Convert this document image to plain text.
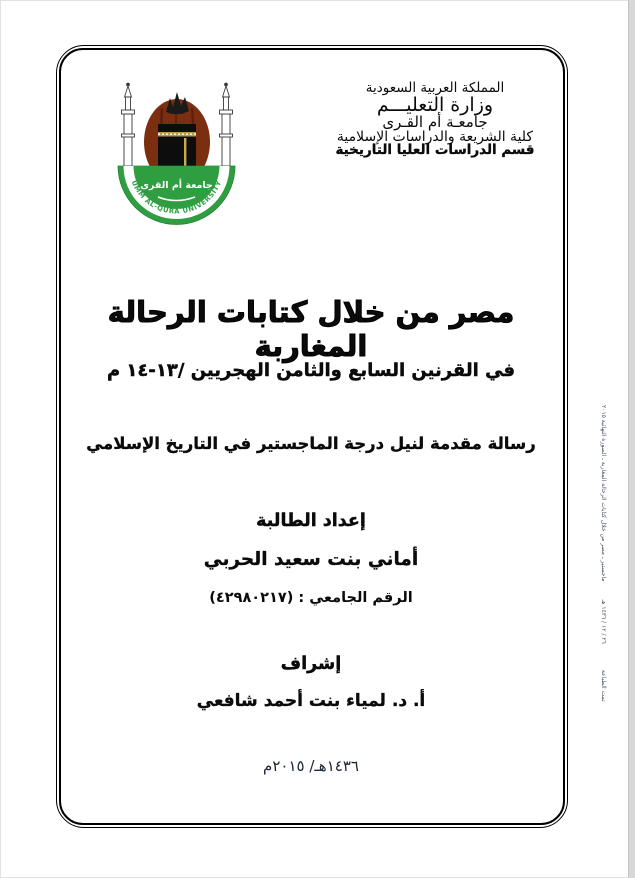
UMM AL-QURA UNIVERSITY
جامعة أم القرى
المملكة العربية السعودية
وزارة التعليـــم
جامعـة أم القـرى
كلية الشريعة والدراسات الإسلامية
قسم الدراسات العليا التاريخية
مصر من خلال كتابات الرحالة المغاربة
في القرنين السابع والثامن الهجريين /١٣-١٤ م
رسالة مقدمة لنيل درجة الماجستير في التاريخ الإسلامي
إعداد الطالبة
أماني بنت سعيد الحربي
الرقم الجامعي : (٤٢٩٨٠٢١٧)
إشراف
أ. د. لمياء بنت أحمد شافعي
١٤٣٦هـ/ ٢٠١٥م
ماجستير ـ مصر من خلال كتابات الرحالة المغاربة ـ الصورة النهائية ٢٠١٥
٢٦ / ١٢ / ١٤٣٦ هـ
تمت الطباعة
